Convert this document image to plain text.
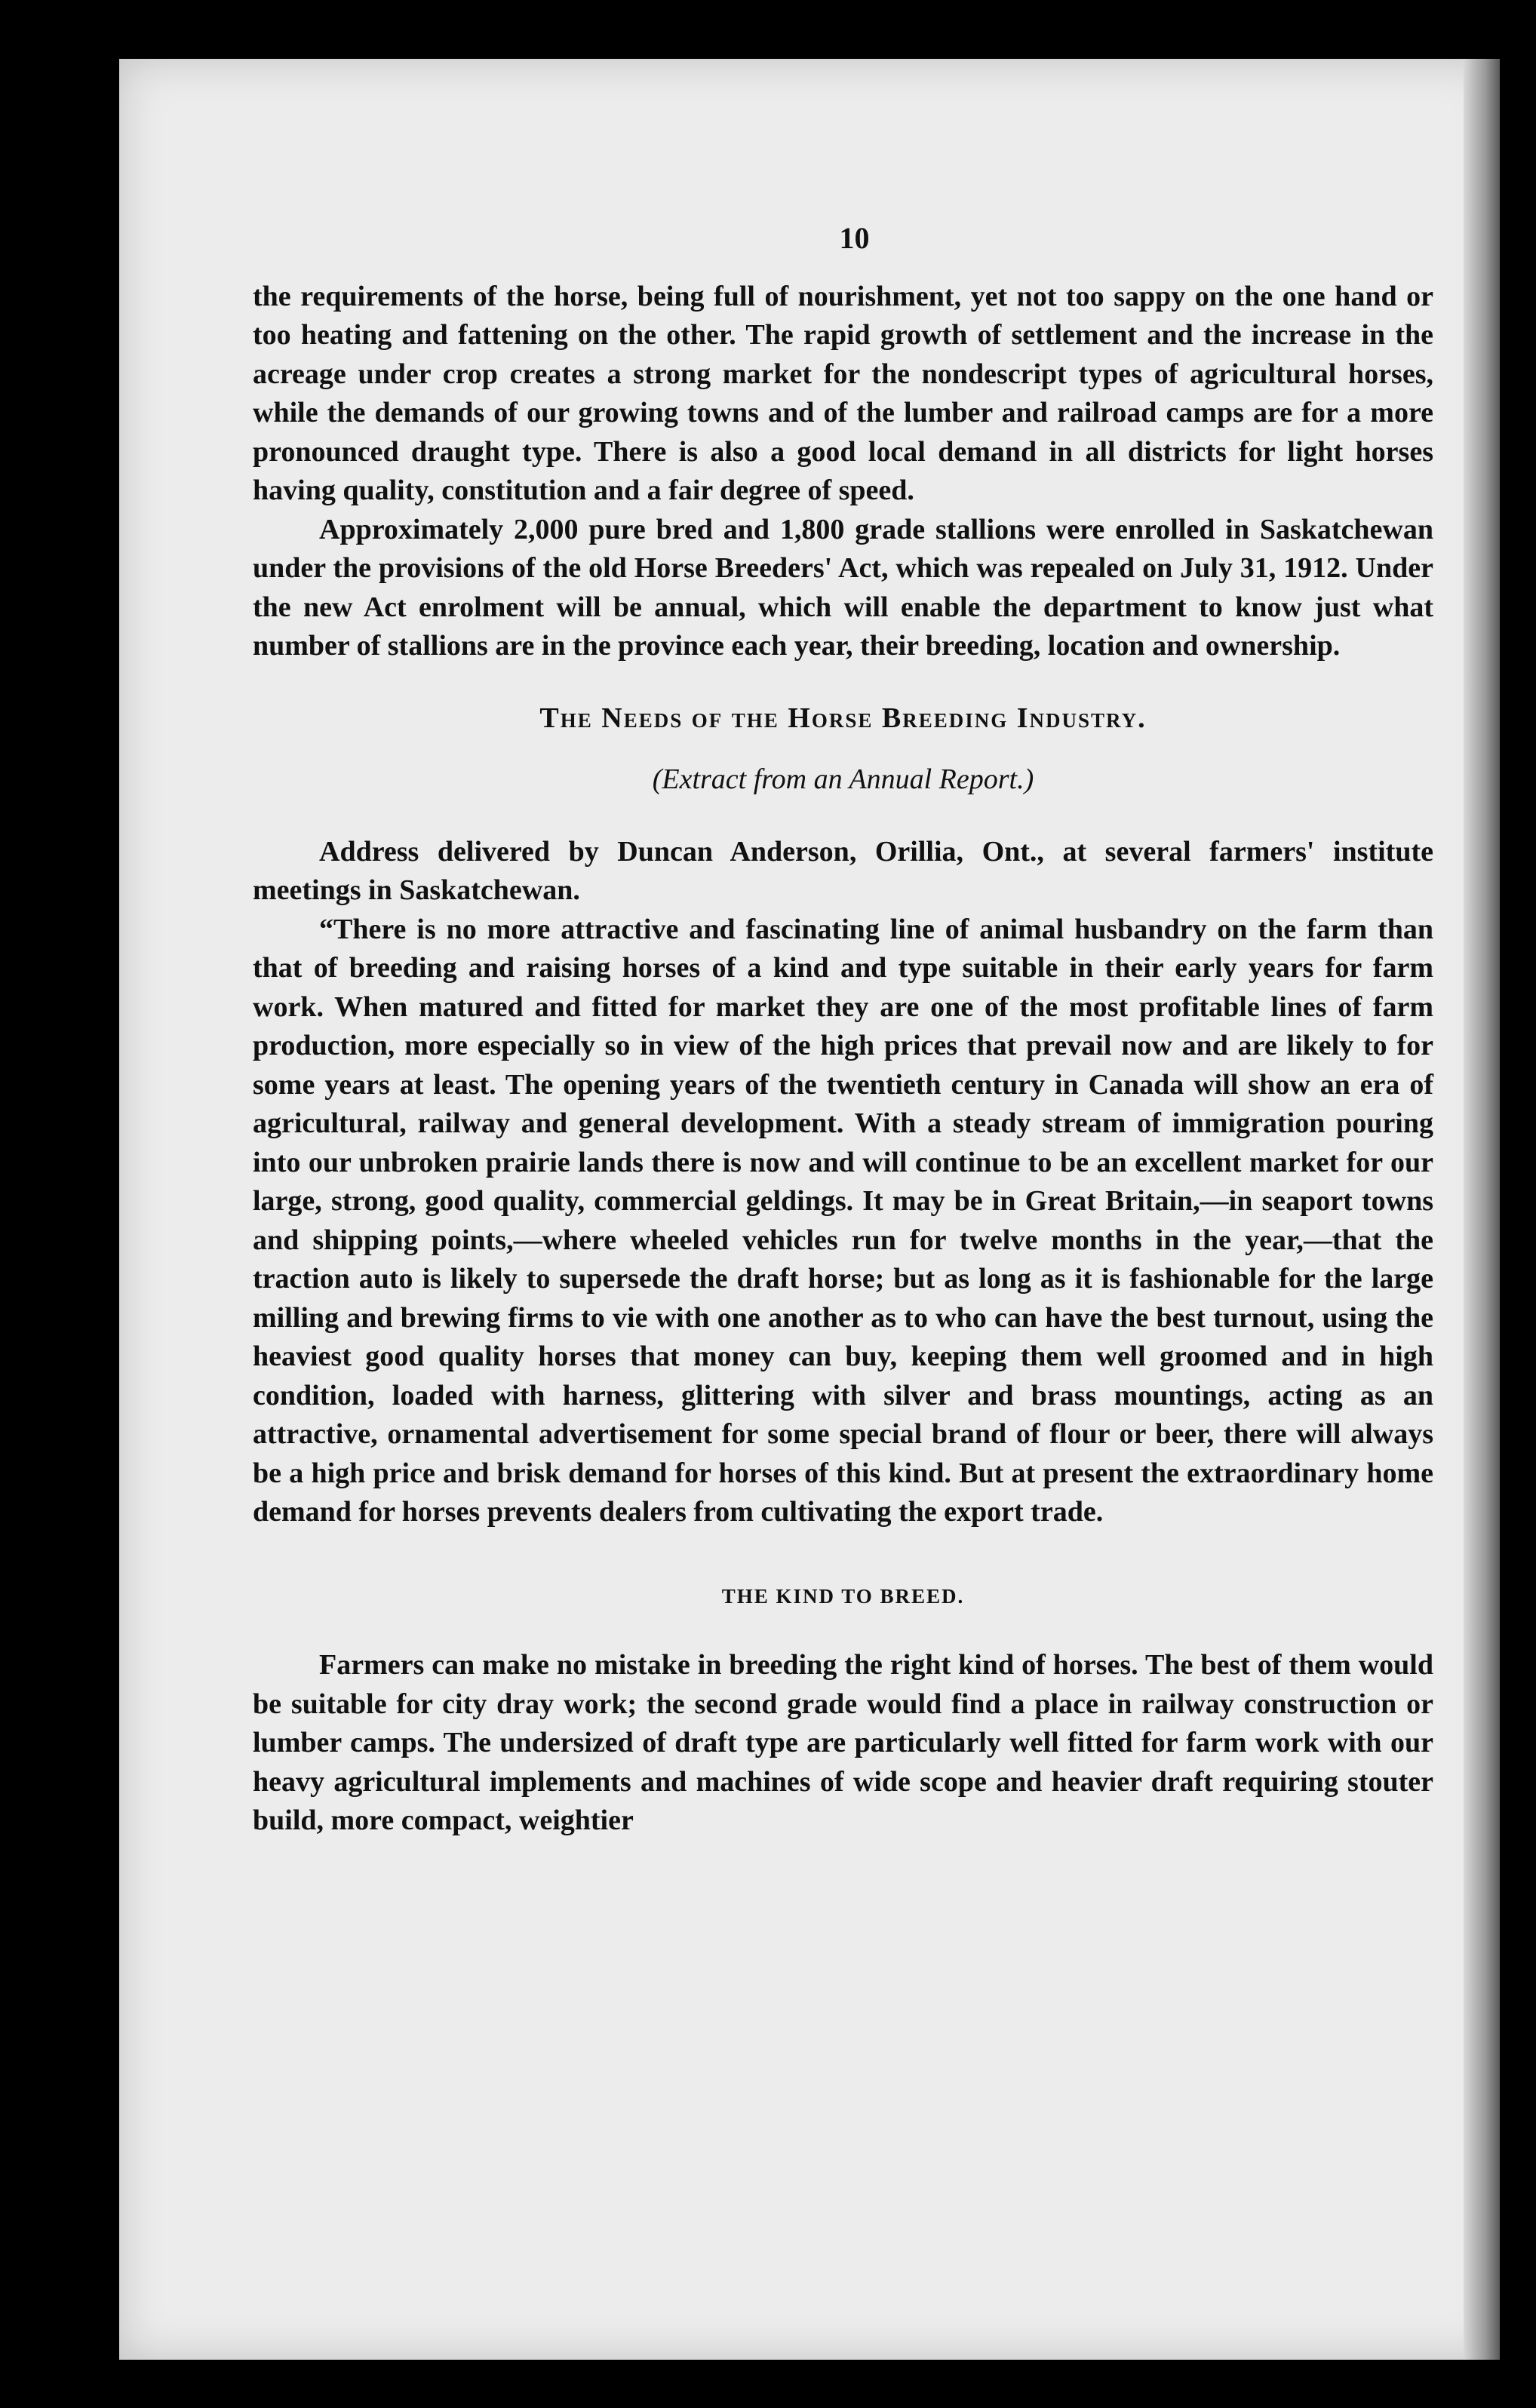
10

the requirements of the horse, being full of nourishment, yet not too sappy on the one hand or too heating and fattening on the other. The rapid growth of settlement and the increase in the acreage under crop creates a strong market for the nondescript types of agricultural horses, while the demands of our growing towns and of the lumber and railroad camps are for a more pronounced draught type. There is also a good local demand in all districts for light horses having quality, constitution and a fair degree of speed.

Approximately 2,000 pure bred and 1,800 grade stallions were enrolled in Saskatchewan under the provisions of the old Horse Breeders' Act, which was repealed on July 31, 1912. Under the new Act enrolment will be annual, which will enable the department to know just what number of stallions are in the province each year, their breeding, location and ownership.

The Needs of the Horse Breeding Industry.
(Extract from an Annual Report.)

Address delivered by Duncan Anderson, Orillia, Ont., at several farmers' institute meetings in Saskatchewan.

“There is no more attractive and fascinating line of animal husbandry on the farm than that of breeding and raising horses of a kind and type suitable in their early years for farm work. When matured and fitted for market they are one of the most profitable lines of farm production, more especially so in view of the high prices that prevail now and are likely to for some years at least. The opening years of the twentieth century in Canada will show an era of agricultural, railway and general development. With a steady stream of immigration pouring into our unbroken prairie lands there is now and will continue to be an excellent market for our large, strong, good quality, commercial geldings. It may be in Great Britain,—in seaport towns and shipping points,—where wheeled vehicles run for twelve months in the year,—that the traction auto is likely to supersede the draft horse; but as long as it is fashionable for the large milling and brewing firms to vie with one another as to who can have the best turnout, using the heaviest good quality horses that money can buy, keeping them well groomed and in high condition, loaded with harness, glittering with silver and brass mountings, acting as an attractive, ornamental advertisement for some special brand of flour or beer, there will always be a high price and brisk demand for horses of this kind. But at present the extraordinary home demand for horses prevents dealers from cultivating the export trade.

THE KIND TO BREED.

Farmers can make no mistake in breeding the right kind of horses. The best of them would be suitable for city dray work; the second grade would find a place in railway construction or lumber camps. The undersized of draft type are particularly well fitted for farm work with our heavy agricultural implements and machines of wide scope and heavier draft requiring stouter build, more compact, weightier
